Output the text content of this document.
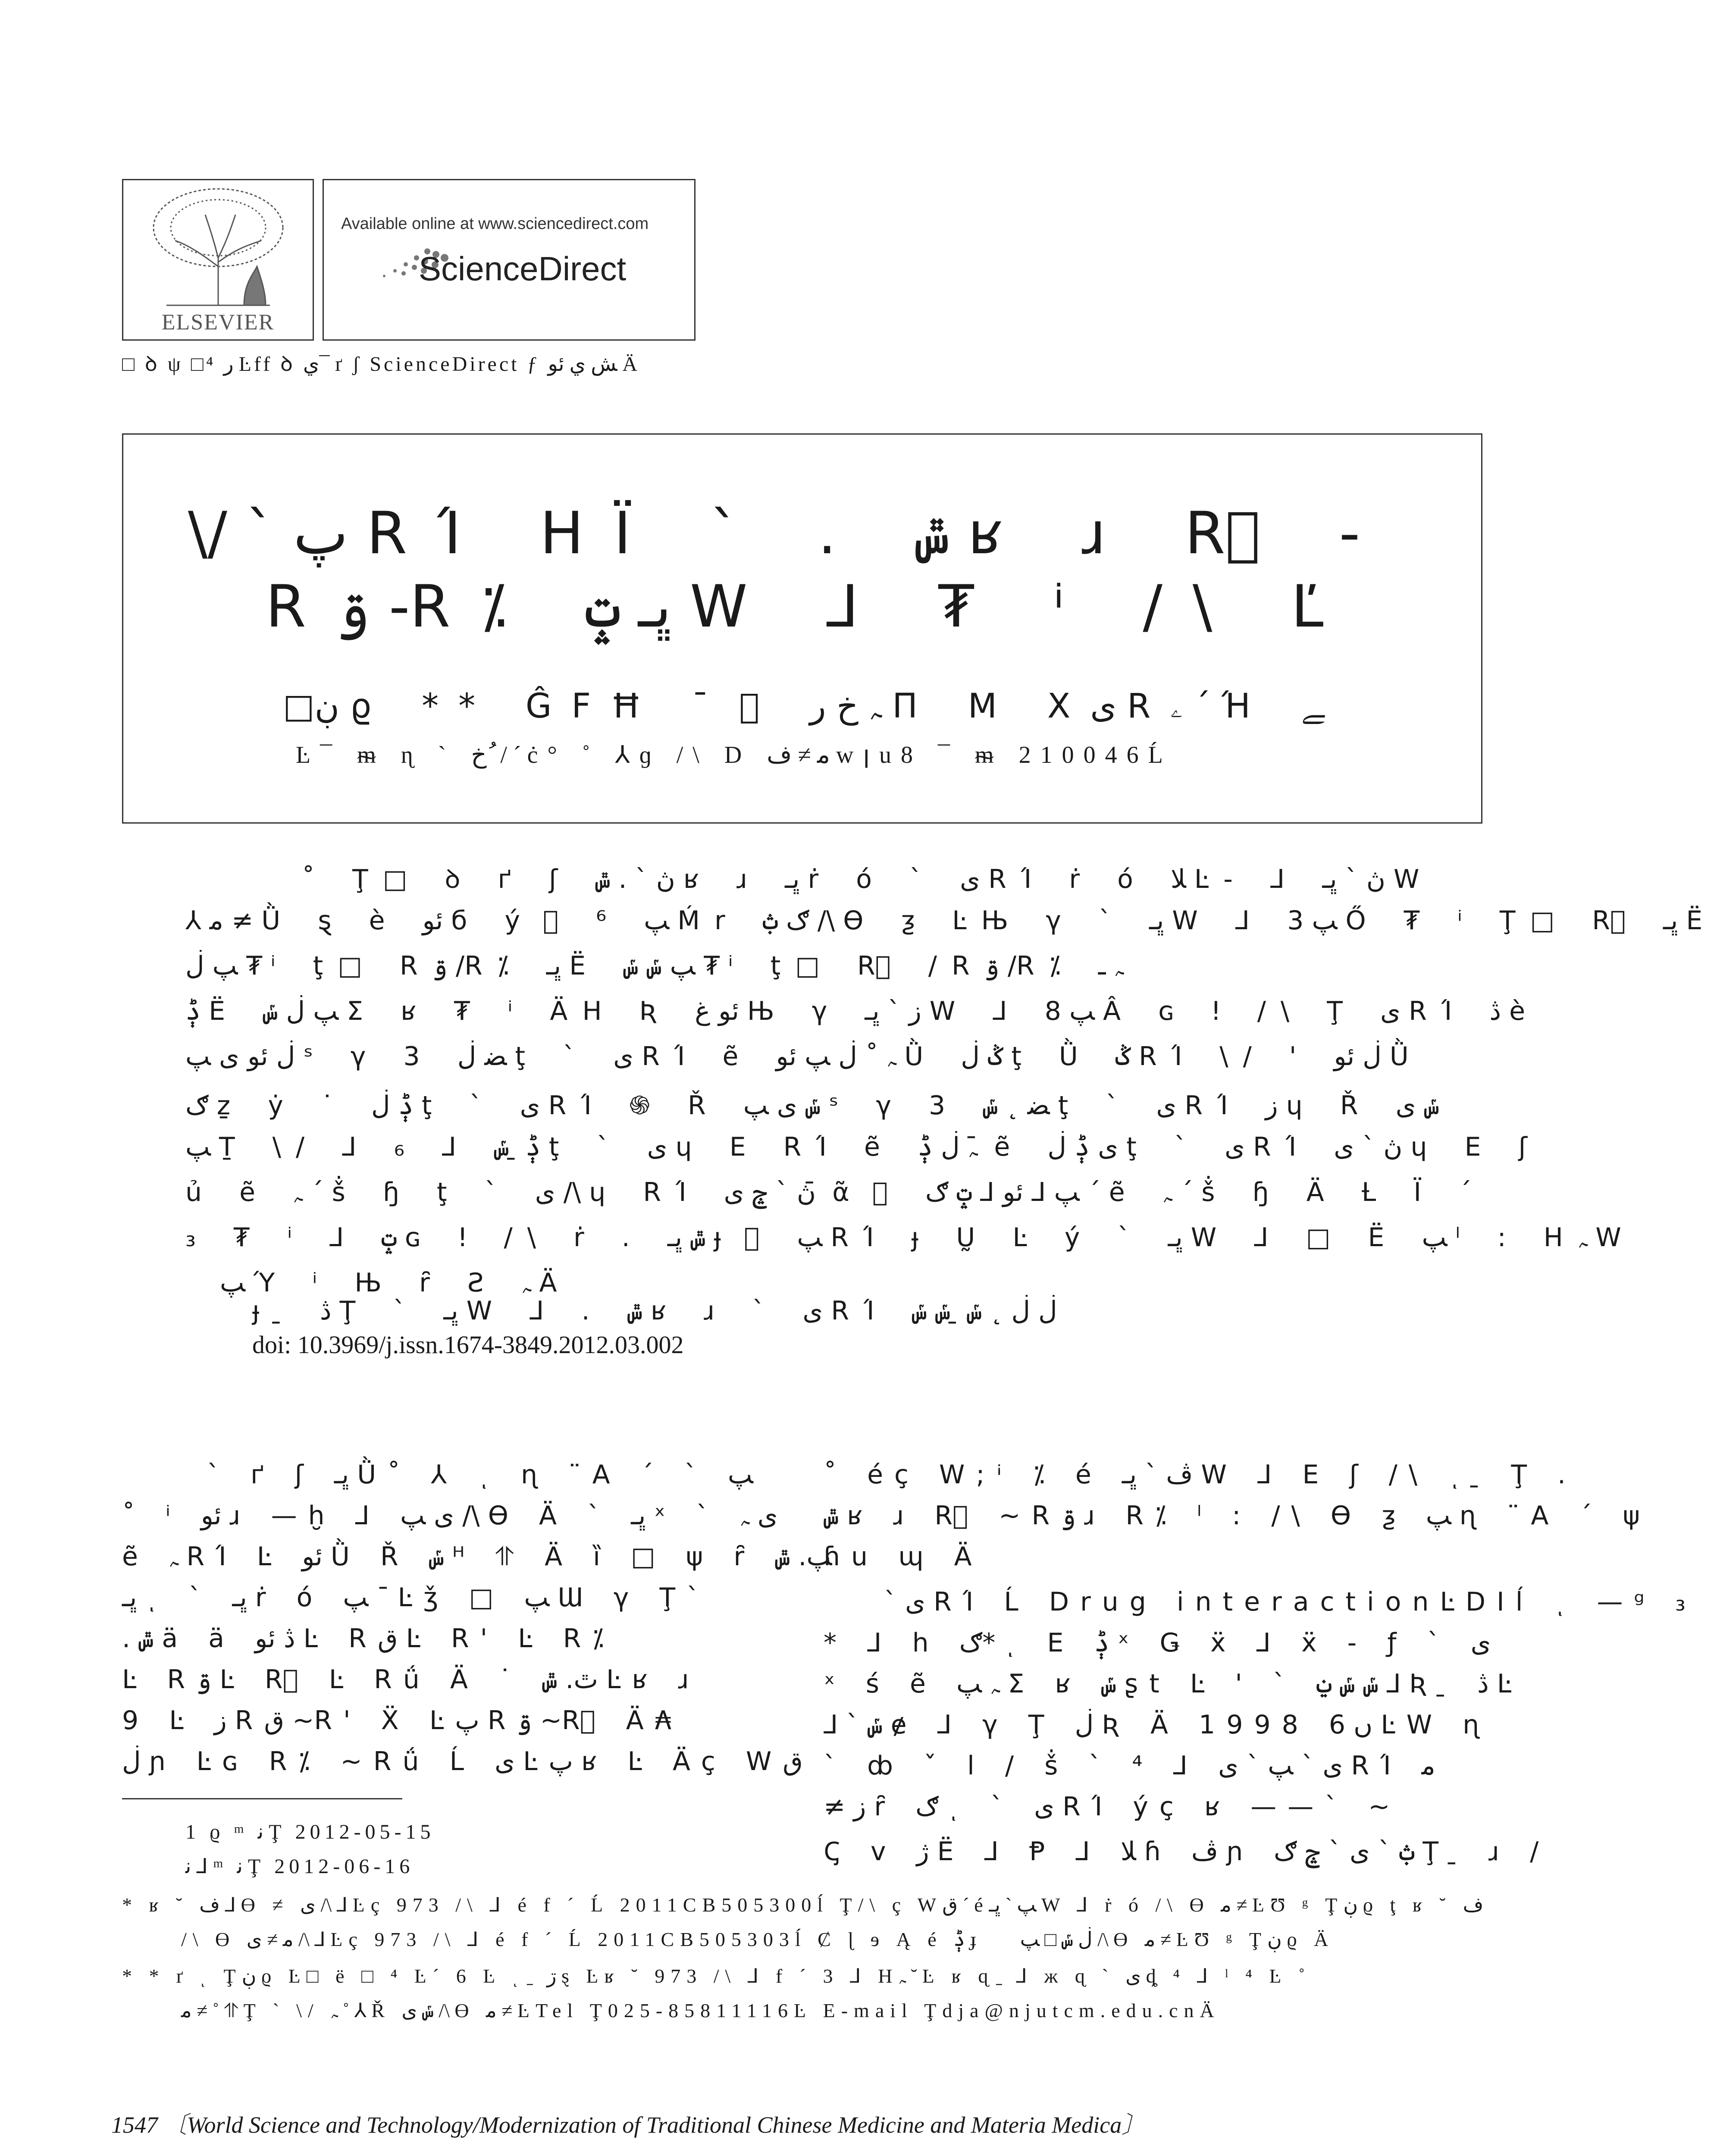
ELSEVIER
Available online at www.sciencedirect.com
ScienceDirect
□ ꝺ ψ □⁴ ر Ŀff ꝺ ي¯ ґ ʃ ScienceDirect ƒ ﺶ ي ئو Ä
\/ ` پ RΊ HЇ ` . ݜ ʁ ɹ Rᷝ -
Rۊ -R⁒ ڀـ ݓ W ⅃ ₮ ⁱ /\ Ľ
□ڹ ϱ ** ĜFĦ ˉ ᷝ ﮧ ﺥ ر Π M Xی Rۦ ´ Ή ﮯ
Ŀ¯ ᵯ ɳ ` ﺥ ُ / ´ ċ° ˚ ⅄ɡ /\ D ﻣ ≠ ﻑ wꞁu8 ¯ ᵯ 210046Ĺ
˚ Ţ□ ꝺ ґ ʃ ڽ ` . ݜ ʁ ɹ ڀـ ṙ ó ` ی RΊ ṙ ó ﻼ Ŀ- ⅃ ڽ ` ڀـ W
⅄ ﻣ ≠ Ǜ ȿ è ئو б ý ᷝ ⁶ ﭗ Ḿr ګ ݑ /\ Ɵ ƺ ĿЊ γ ` ڀـ W ⅃ ﭗ 3 Ő ₮ ⁱ Ţ□ Rᷝ ڀـ Ë
ﭗ ڶ ₮ ⁱ ţ□ Rۊ /R⁒ ڀـ Ë ﭗ ݽ ݽ ₮ ⁱ ţ□ Rᷝ /Rۊ /R⁒ ﮧ ـ
ݙ Ë ﭗ ڶ ݽ Σ ʁ ₮ ⁱ ÄH Ʀ ئو ﻍ Њ γ ز ` ڀـ W ⅃ ﭗ 8 Â ɢ ǃ /\ Ţ ی RΊ ڎ è
ڶ ئو ی ﭗ ˢ γ 3 ﻀ ڶ ţ ` ی RΊ ẽ ﮧ ˚ ڶ ﭗ ئو Ǜ ݣ ڶ ţ Ǜ ݣ RΊ \/ ' ڶ ئو Ǜ
ګ ẕ ẏ ˙ ݙ ڶ ţ ` ی RΊ ֍ Ř ݽ ی ﭗ ˢ γ 3 ﻀ ˛ ݽ ţ ` ی RΊ ز ɥ Ř ݽ ی
ﭗ Ṯ \/ ⅃ ₆ ⅃ ݙ ̱ ݽ ţ ` ی ɥ E RΊ ẽ ﮧ ڶ ݙ ̄ ẽ ی ݙ ڶ ţ ` ی RΊ ڽ ` ی ɥ E ʃ
ủ ẽ ﮧ ´ ṧ ɧ ţ ` ی /\ ɥ RΊ ڽ ` ݘ ی ̄ ᾶ ᷝ ﭗ ⅃ ئو ⅃ ݓ ګ ´ ẽ ﮧ ´ ṧ ɧ Ä Ƚ Ϊ ´
₃ ₮ ⁱ ⅃ ݓ ɢ ǃ /\ ṙ . ݜ ڀـ ɟ ᷝ ﭗ RΊ ɟ Ṵ Ŀ ý ` ڀـ W ⅃ □ Ë ﭗ ˡ : Hﮧ W
ﭗ Ύ ⁱ Њ ȓ Ƨ ﮧ Ä
ɟ ̱ ڎ Ţ ` ڀـ W ⅃ . ݜ ʁ ɹ ` ی RΊ ڶ ڶ ˛ ݽ ̱ ݽ ݽ
doi: 10.3969/j.issn.1674-3849.2012.03.002
` ґ ʃ ڀـ Ǜ˚ ⅄ ͺ ɳ ¨A ´ ` ﭗ
˚ ⁱ ئو ɹ —ḫ ⅃ ی ﭗ /\ Ɵ Ä ` ڀـ ˣ ` ی ﮧ
ẽ ﮧ RΊ Ŀ ئو Ǜ Ř ݽ ᴴ ⥣ Ä ȉ □ ψ ȓ ﭗ. ݜ
ڀـ ͺ ` ڀـ ṙ ó ﭗ ˉ Ŀǯ □ ﭗ Ɯ γ Ţ`
. ݜ ä ä ڎ ئو Ŀ Rق Ŀ R' Ŀ R⁒
Ŀ Rۊ Ŀ Rᷝ Ŀ Rǘ Ä ˙ ٿ. ݜ Ŀʁ ɹ
9 Ŀ ز Rق ~R' Ẍ Ŀپ Rۊ ~Rᷝ Ä₳
ڶ ɲ Ŀɢ R⁒ ~Rǘ Ĺ ی Ŀپ ʁ Ŀ Äç Wق
˚ éç W;ꜞ ⁒ é ﭪ ` ڀـ W ⅃ E ʃ /\ ͺ ̱ Ţ .
ݜ ʁ ɹ Rᷝ ~Rۊ ɹ R⁒ ˡ : /\ Ɵ ƺ ﭗ ɳ ¨A ´ ψ
ɦu ɰ Ä
` ی RΊ Ĺ Drug interactionĿDIĺ ͺ —ᵍ ₃
* ⅃ h ګ* ͺ E ݙ ˣ Ǥ ẍ ⅃ ẍ - ƒ ` ی
ˣ ś ẽ ﮧ ﭗ Σ ʁ ݽ ʂt Ŀ ' ` ݽ ݽ ݔ ⅃ Ʀ ̱ ڎ Ŀ
⅃ ` ݽ ɇ ⅃ γ Ţ ڶ Ʀ Ä 1998 ں 6 ĿW ɳ
` ȸ ˇ l / ṧ ` ⁴ ⅃ ی ` ﭗ ` ی RΊ ﻣ
≠ ز ȓ ګ ͺ ` ی RΊ ýç ʁ ——` ~
Ꞔ v ژ Ë ⅃ Ᵽ ⅃ ﻼ ɦ ﭪ ɲ ݑ ` ی ` ݘ ګ Ţ ̱ ɹ /
1 ϱ ᵐ ﻧ Ţ 2012-05-15
ﻧ ⅃ ᵐ ﻧ Ţ 2012-06-16
* ʁ ˘ ﻑ ⅃ Ɵ ≠ ی /\ ⅃ Ŀç 973 /\ ⅃ é f ´ Ĺ 2011CB505300ĺ Ţ/\ ç Wق ´ éﭗ ` ڀـ W ⅃ ṙ ó /\ Ɵ ﻣ ≠ ĿƱ ᵍ Ţڹ ϱ ţ ʁ ˘ ﻑ
/\ Ɵ ﻣ ≠ ی /\ ⅃ Ŀç 973 /\ ⅃ é f ´ Ĺ 2011CB505303ĺ Ȼ ɭ ɘ Ą é ݙ ɟ ᷝ ڶ ݽ □ ﭗ /\ Ɵ ﻣ ≠ ĿƱ ᵍ Ţڹ ϱ Ä
* * ґ ͺ Ţڹ ϱ Ŀ□ ë □ ⁴ Ŀ´ 6 Ŀ ͺ ̱ ڗ ȿ Ŀʁ ˘ 973 /\ ⅃ f ´ 3 ⅃ Hﮧ ˘ Ŀ ʁ ɋ ̱ ⅃ ж ɋ ` ی ȡ ⁴ ⅃ ˡ ⁴ Ŀ ˚
ﻣ ≠ ˚ ⥣ Ţ ˋ \/ ﮧ ˚ ⅄ Ř ݽ ی /\ Ɵ ﻣ ≠ ĿTel Ţ025-85811116Ŀ E-mail Ţdja@njutcm.edu.cnÄ
1547 〔World Science and Technology/Modernization of Traditional Chinese Medicine and Materia Medica〕
